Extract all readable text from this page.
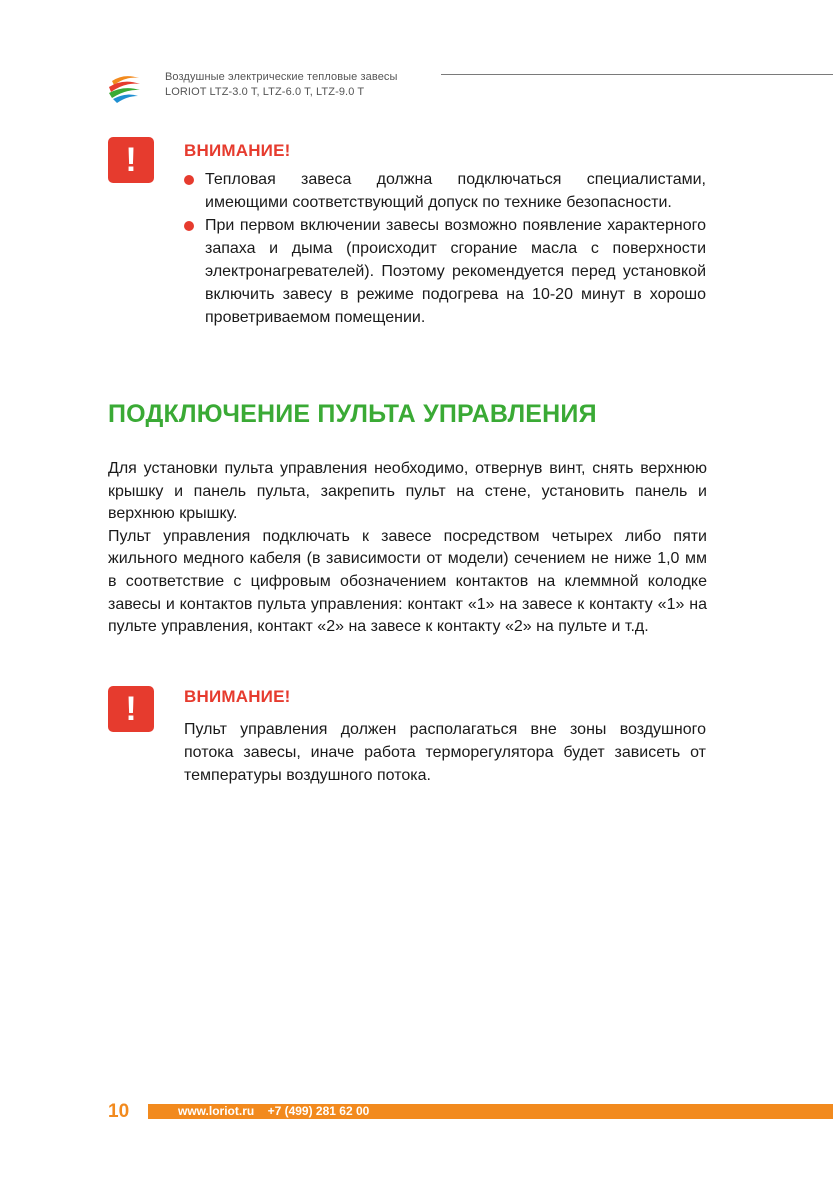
Воздушные электрические тепловые завесы
LORIOT LTZ-3.0 T, LTZ-6.0 T, LTZ-9.0 T
!	ВНИМАНИЕ!
Тепловая завеса должна подключаться специалистами, имеющими соответствующий допуск по технике безопасности.
При первом включении завесы возможно появление характерного запаха и дыма (происходит сгорание масла с поверхности электронагревателей). Поэтому рекомендуется перед установкой включить завесу в режиме подогрева на 10-20 минут в хорошо проветриваемом помещении.
ПОДКЛЮЧЕНИЕ ПУЛЬТА УПРАВЛЕНИЯ

Для установки пульта управления необходимо, отвернув винт, снять верхнюю крышку и панель пульта, закрепить пульт на стене, установить панель и верхнюю крышку.

Пульт управления подключать к завесе посредством четырех либо пяти жильного медного кабеля (в зависимости от модели) сечением не ниже 1,0 мм в соответствие с цифровым обозначением контактов на клеммной колодке завесы и контактов пульта управления: контакт «1» на завесе к контакту «1» на пульте управления, контакт «2» на завесе к контакту «2» на пульте и т.д.

!	ВНИМАНИЕ!

Пульт управления должен располагаться вне зоны воздушного потока завесы, иначе работа терморегулятора будет зависеть от температуры воздушного потока.

10	www.loriot.ru +7 (499) 281 62 00
